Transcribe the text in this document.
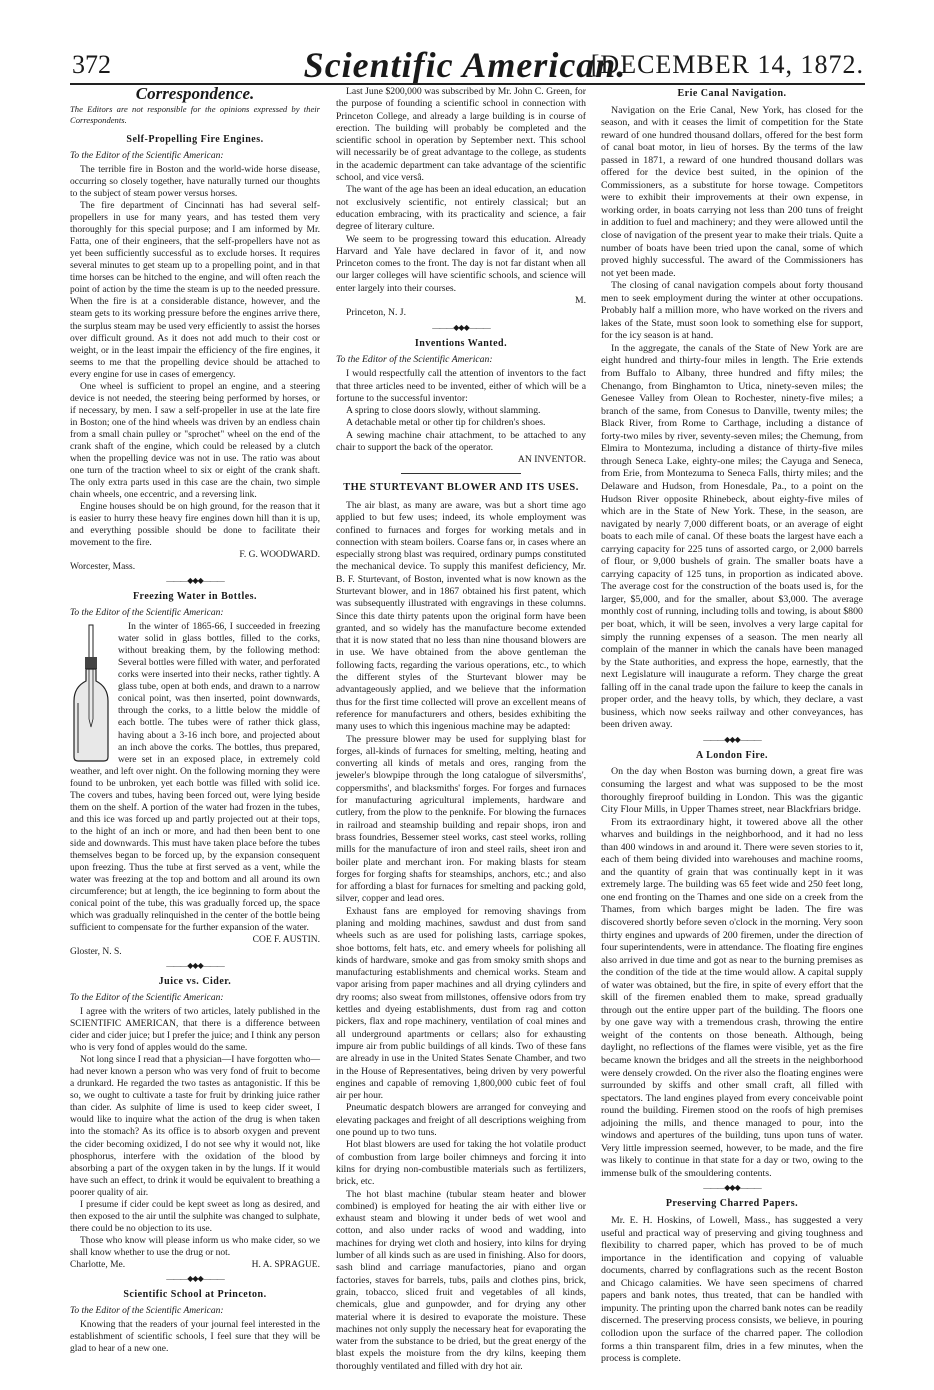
372	Scientific American.
[DECEMBER 14, 1872.
Correspondence.
The Editors are not responsible for the opinions expressed by their Correspondents.
Self-Propelling Fire Engines.

To the Editor of the Scientific American:

The terrible fire in Boston and the world-wide horse disease, occurring so closely together, have naturally turned our thoughts to the subject of steam power versus horses.

The fire department of Cincinnati has had several self-propellers in use for many years, and has tested them very thoroughly for this special purpose; and I am informed by Mr. Fatta, one of their engineers, that the self-propellers have not as yet been sufficiently successful as to exclude horses. It requires several minutes to get steam up to a propelling point, and in that time horses can be hitched to the engine, and will often reach the point of action by the time the steam is up to the needed pressure. When the fire is at a considerable distance, however, and the steam gets to its working pressure before the engines arrive there, the surplus steam may be used very efficiently to assist the horses over difficult ground. As it does not add much to their cost or weight, or in the least impair the efficiency of the fire engines, it seems to me that the propelling device should be attached to every engine for use in cases of emergency.

One wheel is sufficient to propel an engine, and a steering device is not needed, the steering being performed by horses, or if necessary, by men. I saw a self-propeller in use at the late fire in Boston; one of the hind wheels was driven by an endless chain from a small chain pulley or "sprochet" wheel on the end of the crank shaft of the engine, which could be released by a clutch when the propelling device was not in use. The ratio was about one turn of the traction wheel to six or eight of the crank shaft. The only extra parts used in this case are the chain, two simple chain wheels, one eccentric, and a reversing link.

Engine houses should be on high ground, for the reason that it is easier to hurry these heavy fire engines down hill than it is up, and everything possible should be done to facilitate their movement to the fire.

F. G. WOODWARD.

Worcester, Mass.

———◆◆◆———
Freezing Water in Bottles.

To the Editor of the Scientific American:

In the winter of 1865-66, I succeeded in freezing water solid in glass bottles, filled to the corks, without breaking them, by the following method: Several bottles were filled with water, and perforated corks were inserted into their necks, rather tightly. A glass tube, open at both ends, and drawn to a narrow conical point, was then inserted, point downwards, through the corks, to a little below the middle of each bottle. The tubes were of rather thick glass, having about a 3-16 inch bore, and projected about an inch above the corks. The bottles, thus prepared, were set in an exposed place, in extremely cold weather, and left over night. On the following morning they were found to be unbroken, yet each bottle was filled with solid ice. The covers and tubes, having been forced out, were lying beside them on the shelf. A portion of the water had frozen in the tubes, and this ice was forced up and partly projected out at their tops, to the hight of an inch or more, and had then been bent to one side and downwards. This must have taken place before the tubes themselves began to be forced up, by the expansion consequent upon freezing. Thus the tube at first served as a vent, while the water was freezing at the top and bottom and all around its own circumference; but at length, the ice beginning to form about the conical point of the tube, this was gradually forced up, the space which was gradually relinquished in the center of the bottle being sufficient to compensate for the further expansion of the water.

COE F. AUSTIN.

Gloster, N. S.

———◆◆◆———
Juice vs. Cider.

To the Editor of the Scientific American:

I agree with the writers of two articles, lately published in the SCIENTIFIC AMERICAN, that there is a difference between cider and cider juice; but I prefer the juice; and I think any person who is very fond of apples would do the same.

Not long since I read that a physician—I have forgotten who—had never known a person who was very fond of fruit to become a drunkard. He regarded the two tastes as antagonistic. If this be so, we ought to cultivate a taste for fruit by drinking juice rather than cider. As sulphite of lime is used to keep cider sweet, I would like to inquire what the action of the drug is when taken into the stomach? As its office is to absorb oxygen and prevent the cider becoming oxidized, I do not see why it would not, like phosphorus, interfere with the oxidation of the blood by absorbing a part of the oxygen taken in by the lungs. If it would have such an effect, to drink it would be equivalent to breathing a poorer quality of air.

I presume if cider could be kept sweet as long as desired, and then exposed to the air until the sulphite was changed to sulphate, there could be no objection to its use.

Those who know will please inform us who make cider, so we shall know whether to use the drug or not.

Charlotte, Me.	H. A. SPRAGUE.

———◆◆◆———
Scientific School at Princeton.

To the Editor of the Scientific American:

Knowing that the readers of your journal feel interested in the establishment of scientific schools, I feel sure that they will be glad to hear of a new one.

Last June $200,000 was subscribed by Mr. John C. Green, for the purpose of founding a scientific school in connection with Princeton College, and already a large building is in course of erection. The building will probably be completed and the scientific school in operation by September next. This school will necessarily be of great advantage to the college, as students in the academic department can take advantage of the scientific school, and vice versâ.

The want of the age has been an ideal education, an education not exclusively scientific, not entirely classical; but an education embracing, with its practicality and science, a fair degree of literary culture.

We seem to be progressing toward this education. Already Harvard and Yale have declared in favor of it, and now Princeton comes to the front. The day is not far distant when all our larger colleges will have scientific schools, and science will enter largely into their courses.

M.

Princeton, N. J.

———◆◆◆———
Inventions Wanted.

To the Editor of the Scientific American:

I would respectfully call the attention of inventors to the fact that three articles need to be invented, either of which will be a fortune to the successful inventor:

A spring to close doors slowly, without slamming.

A detachable metal or other tip for children's shoes.

A sewing machine chair attachment, to be attached to any chair to support the back of the operator.

AN INVENTOR.

THE STURTEVANT BLOWER AND ITS USES.

The air blast, as many are aware, was but a short time ago applied to but few uses; indeed, its whole employment was confined to furnaces and forges for working metals and in connection with steam boilers. Coarse fans or, in cases where an especially strong blast was required, ordinary pumps constituted the mechanical device. To supply this manifest deficiency, Mr. B. F. Sturtevant, of Boston, invented what is now known as the Sturtevant blower, and in 1867 obtained his first patent, which was subsequently illustrated with engravings in these columns. Since this date thirty patents upon the original form have been granted, and so widely has the manufacture become extended that it is now stated that no less than nine thousand blowers are in use. We have obtained from the above gentleman the following facts, regarding the various operations, etc., to which the different styles of the Sturtevant blower may be advantageously applied, and we believe that the information thus for the first time collected will prove an excellent means of reference for manufacturers and others, besides exhibiting the many uses to which this ingenious machine may be adapted:

The pressure blower may be used for supplying blast for forges, all-kinds of furnaces for smelting, melting, heating and converting all kinds of metals and ores, ranging from the jeweler's blowpipe through the long catalogue of silversmiths', coppersmiths', and blacksmiths' forges. For forges and furnaces for manufacturing agricultural implements, hardware and cutlery, from the plow to the penknife. For blowing the furnaces in railroad and steamship building and repair shops, iron and brass foundries, Bessemer steel works, cast steel works, rolling mills for the manufacture of iron and steel rails, sheet iron and boiler plate and merchant iron. For making blasts for steam forges for forging shafts for steamships, anchors, etc.; and also for affording a blast for furnaces for smelting and packing gold, silver, copper and lead ores.

Exhaust fans are employed for removing shavings from planing and molding machines, sawdust and dust from sand wheels such as are used for polishing lasts, carriage spokes, shoe bottoms, felt hats, etc. and emery wheels for polishing all kinds of hardware, smoke and gas from smoky smith shops and manufacturing establishments and chemical works. Steam and vapor arising from paper machines and all drying cylinders and dry rooms; also sweat from millstones, offensive odors from try kettles and dyeing establishments, dust from rag and cotton pickers, flax and rope machinery, ventilation of coal mines and all underground apartments or cellars; also for exhausting impure air from public buildings of all kinds. Two of these fans are already in use in the United States Senate Chamber, and two in the House of Representatives, being driven by very powerful engines and capable of removing 1,800,000 cubic feet of foul air per hour.

Pneumatic despatch blowers are arranged for conveying and elevating packages and freight of all descriptions weighing from one pound up to two tuns.

Hot blast blowers are used for taking the hot volatile product of combustion from large boiler chimneys and forcing it into kilns for drying non-combustible materials such as fertilizers, brick, etc.

The hot blast machine (tubular steam heater and blower combined) is employed for heating the air with either live or exhaust steam and blowing it under beds of wet wool and cotton, and also under racks of wood and wadding, into machines for drying wet cloth and hosiery, into kilns for drying lumber of all kinds such as are used in finishing. Also for doors, sash blind and carriage manufactories, piano and organ factories, staves for barrels, tubs, pails and clothes pins, brick, grain, tobacco, sliced fruit and vegetables of all kinds, chemicals, glue and gunpowder, and for drying any other material where it is desired to evaporate the moisture. These machines not only supply the necessary heat for evaporating the water from the substance to be dried, but the great energy of the blast expels the moisture from the dry kilns, keeping them thoroughly ventilated and filled with dry hot air.

Erie Canal Navigation.

Navigation on the Erie Canal, New York, has closed for the season, and with it ceases the limit of competition for the State reward of one hundred thousand dollars, offered for the best form of canal boat motor, in lieu of horses. By the terms of the law passed in 1871, a reward of one hundred thousand dollars was offered for the device best suited, in the opinion of the Commissioners, as a substitute for horse towage. Competitors were to exhibit their improvements at their own expense, in working order, in boats carrying not less than 200 tuns of freight in addition to fuel and machinery; and they were allowed until the close of navigation of the present year to make their trials. Quite a number of boats have been tried upon the canal, some of which proved highly successful. The award of the Commissioners has not yet been made.

The closing of canal navigation compels about forty thousand men to seek employment during the winter at other occupations. Probably half a million more, who have worked on the rivers and lakes of the State, must soon look to something else for support, for the icy season is at hand.

In the aggregate, the canals of the State of New York are are eight hundred and thirty-four miles in length. The Erie extends from Buffalo to Albany, three hundred and fifty miles; the Chenango, from Binghamton to Utica, ninety-seven miles; the Genesee Valley from Olean to Rochester, ninety-five miles; a branch of the same, from Conesus to Danville, twenty miles; the Black River, from Rome to Carthage, including a distance of forty-two miles by river, seventy-seven miles; the Chemung, from Elmira to Montezuma, including a distance of thirty-five miles through Seneca Lake, eighty-one miles; the Cayuga and Seneca, from Erie, from Montezuma to Seneca Falls, thirty miles; and the Delaware and Hudson, from Honesdale, Pa., to a point on the Hudson River opposite Rhinebeck, about eighty-five miles of which are in the State of New York. These, in the season, are navigated by nearly 7,000 different boats, or an average of eight boats to each mile of canal. Of these boats the largest have each a carrying capacity for 225 tuns of assorted cargo, or 2,000 barrels of flour, or 9,000 bushels of grain. The smaller boats have a carrying capacity of 125 tuns, in proportion as indicated above. The average cost for the construction of the boats used is, for the larger, $5,000, and for the smaller, about $3,000. The average monthly cost of running, including tolls and towing, is about $800 per boat, which, it will be seen, involves a very large capital for simply the running expenses of a season. The men nearly all complain of the manner in which the canals have been managed by the State authorities, and express the hope, earnestly, that the next Legislature will inaugurate a reform. They charge the great falling off in the canal trade upon the failure to keep the canals in proper order, and the heavy tolls, by which, they declare, a vast business, which now seeks railway and other conveyances, has been driven away.

———◆◆◆———
A London Fire.

On the day when Boston was burning down, a great fire was consuming the largest and what was supposed to be the most thoroughly fireproof building in London. This was the gigantic City Flour Mills, in Upper Thames street, near Blackfriars bridge.

From its extraordinary hight, it towered above all the other wharves and buildings in the neighborhood, and it had no less than 400 windows in and around it. There were seven stories to it, each of them being divided into warehouses and machine rooms, and the quantity of grain that was continually kept in it was extremely large. The building was 65 feet wide and 250 feet long, one end fronting on the Thames and one side on a creek from the Thames, from which barges might be laden. The fire was discovered shortly before seven o'clock in the morning. Very soon thirty engines and upwards of 200 firemen, under the direction of four superintendents, were in attendance. The floating fire engines also arrived in due time and got as near to the burning premises as the condition of the tide at the time would allow. A capital supply of water was obtained, but the fire, in spite of every effort that the skill of the firemen enabled them to make, spread gradually through out the entire upper part of the building. The floors one by one gave way with a tremendous crash, throwing the entire weight of the contents on those beneath. Although, being daylight, no reflections of the flames were visible, yet as the fire became known the bridges and all the streets in the neighborhood were densely crowded. On the river also the floating engines were surrounded by skiffs and other small craft, all filled with spectators. The land engines played from every conceivable point round the building. Firemen stood on the roofs of high premises adjoining the mills, and thence managed to pour, into the windows and apertures of the building, tuns upon tuns of water. Very little impression seemed, however, to be made, and the fire was likely to continue in that state for a day or two, owing to the immense bulk of the smouldering contents.

———◆◆◆———
Preserving Charred Papers.

Mr. E. H. Hoskins, of Lowell, Mass., has suggested a very useful and practical way of preserving and giving toughness and flexibility to charred paper, which has proved to be of much importance in the identification and copying of valuable documents, charred by conflagrations such as the recent Boston and Chicago calamities. We have seen specimens of charred papers and bank notes, thus treated, that can be handled with impunity. The printing upon the charred bank notes can be readily discerned. The preserving process consists, we believe, in pouring collodion upon the surface of the charred paper. The collodion forms a thin transparent film, dries in a few minutes, when the process is complete.
